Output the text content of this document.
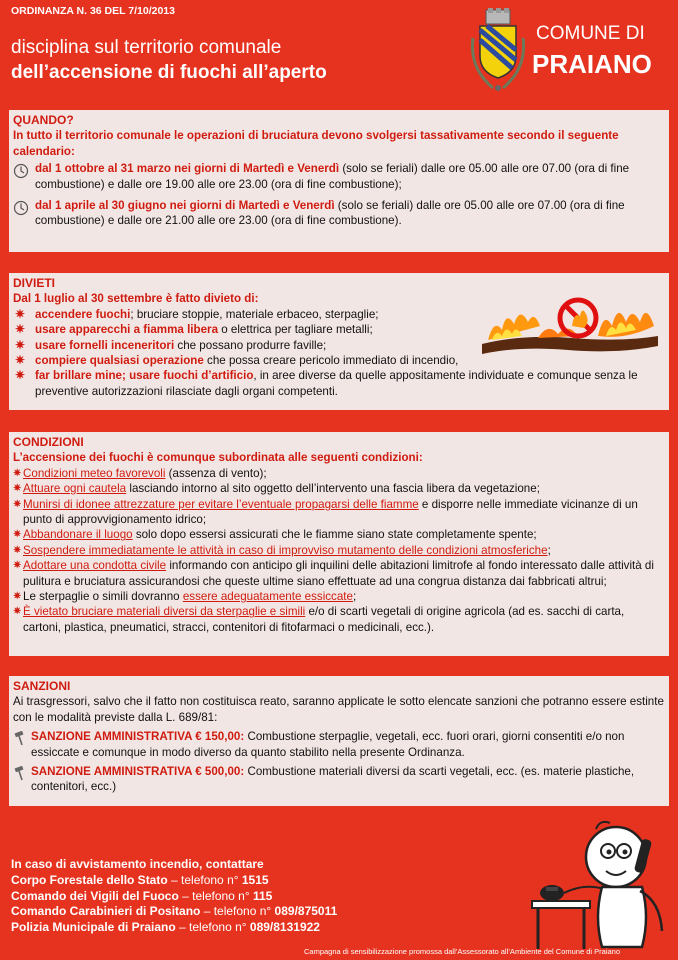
ORDINANZA N. 36 DEL 7/10/2013
disciplina sul territorio comunale
dell’accensione di fuochi all’aperto
COMUNE DI
PRAIANO
QUANDO?
In tutto il territorio comunale le operazioni di bruciatura devono svolgersi tassativamente secondo il seguente calendario:
dal 1 ottobre al 31 marzo nei giorni di Martedì e Venerdì (solo se feriali) dalle ore 05.00 alle ore 07.00 (ora di fine combustione) e dalle ore 19.00 alle ore 23.00 (ora di fine combustione);
dal 1 aprile al 30 giugno nei giorni di Martedì e Venerdì (solo se feriali) dalle ore 05.00 alle ore 07.00 (ora di fine combustione) e dalle ore 21.00 alle ore 23.00 (ora di fine combustione).
DIVIETI
Dal 1 luglio al 30 settembre è fatto divieto di:
✷ accendere fuochi; bruciare stoppie, materiale erbaceo, sterpaglie;
✷ usare apparecchi a fiamma libera o elettrica per tagliare metalli;
✷ usare fornelli inceneritori che possano produrre faville;
✷ compiere qualsiasi operazione che possa creare pericolo immediato di incendio,
✷ far brillare mine; usare fuochi d’artificio, in aree diverse da quelle appositamente individuate e comunque senza le preventive autorizzazioni rilasciate dagli organi competenti.
CONDIZIONI
L’accensione dei fuochi è comunque subordinata alle seguenti condizioni:
✷ Condizioni meteo favorevoli (assenza di vento);
✷ Attuare ogni cautela lasciando intorno al sito oggetto dell’intervento una fascia libera da vegetazione;
✷ Munirsi di idonee attrezzature per evitare l’eventuale propagarsi delle fiamme e disporre nelle immediate vicinanze di un punto di approvvigionamento idrico;
✷ Abbandonare il luogo solo dopo essersi assicurati che le fiamme siano state completamente spente;
✷ Sospendere immediatamente le attività in caso di improvviso mutamento delle condizioni atmosferiche;
✷ Adottare una condotta civile informando con anticipo gli inquilini delle abitazioni limitrofe al fondo interessato dalle attività di pulitura e bruciatura assicurandosi che queste ultime siano effettuate ad una congrua distanza dai fabbricati altrui;
✷ Le sterpaglie o simili dovranno essere adeguatamente essiccate;
✷ È vietato bruciare materiali diversi da sterpaglie e simili e/o di scarti vegetali di origine agricola (ad es. sacchi di carta, cartoni, plastica, pneumatici, stracci, contenitori di fitofarmaci o medicinali, ecc.).
SANZIONI
Ai trasgressori, salvo che il fatto non costituisca reato, saranno applicate le sotto elencate sanzioni che potranno essere estinte con le modalità previste dalla L. 689/81:
SANZIONE AMMINISTRATIVA € 150,00: Combustione sterpaglie, vegetali, ecc. fuori orari, giorni consentiti e/o non essiccate e comunque in modo diverso da quanto stabilito nella presente Ordinanza.
SANZIONE AMMINISTRATIVA € 500,00: Combustione materiali diversi da scarti vegetali, ecc. (es. materie plastiche, contenitori, ecc.)
In caso di avvistamento incendio, contattare
Corpo Forestale dello Stato – telefono n° 1515
Comando dei Vigili del Fuoco – telefono n° 115
Comando Carabinieri di Positano – telefono n° 089/875011
Polizia Municipale di Praiano – telefono n° 089/8131922
Campagna di sensibilizzazione promossa dall’Assessorato all’Ambiente del Comune di Praiano
